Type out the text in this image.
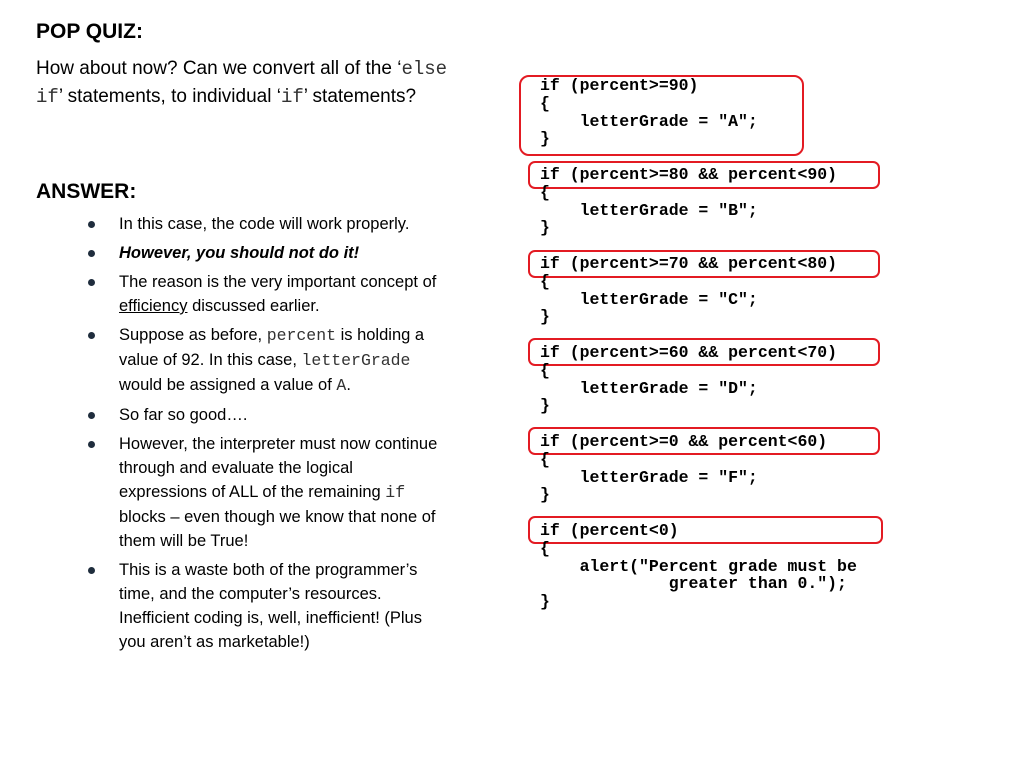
POP QUIZ:

How about now? Can we convert all of the ‘else if’ statements, to individual ‘if’ statements?

ANSWER:
In this case, the code will work properly.
However, you should not do it!
The reason is the very important concept of efficiency discussed earlier.
Suppose as before, percent is holding a value of 92. In this case, letterGrade would be assigned a value of A.
So far so good….
However, the interpreter must now continue through and evaluate the logical expressions of ALL of the remaining if blocks – even though we know that none of them will be True!
This is a waste both of the programmer’s time, and the computer’s resources. Inefficient coding is, well, inefficient! (Plus you aren’t as marketable!)
if (percent>=90)
{
letterGrade = "A";
}
if (percent>=80 && percent<90)
{
letterGrade = "B";
}
if (percent>=70 && percent<80)
{
letterGrade = "C";
}
if (percent>=60 && percent<70)
{
letterGrade = "D";
}
if (percent>=0 && percent<60)
{
letterGrade = "F";
}
if (percent<0)
{
alert("Percent grade must be
greater than 0.");
}
